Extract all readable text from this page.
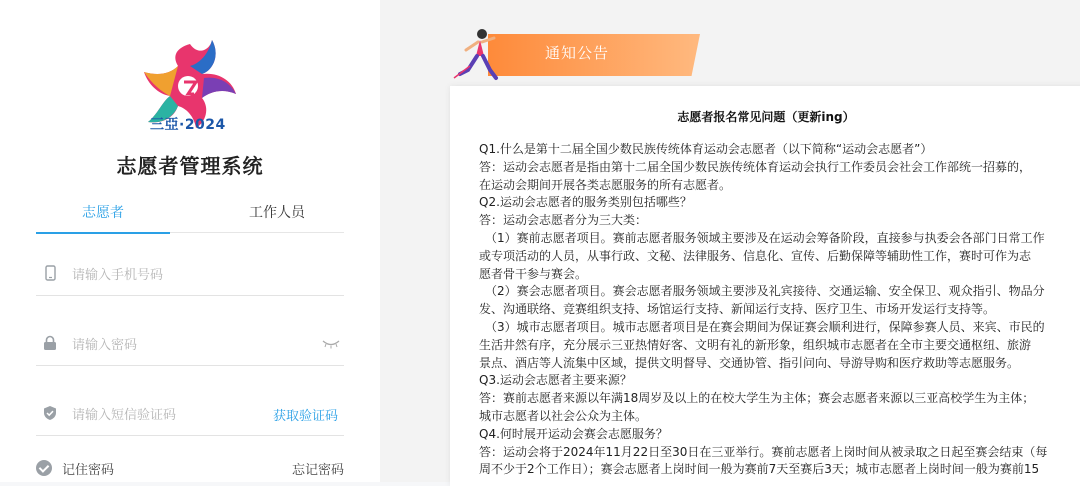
三亞·2024
志愿者管理系统
志愿者	工作人员
请输入手机号码
请输入短信验证码
获取验证码
记住密码	忘记密码
通知公告
志愿者报名常见问题（更新ing）

Q1.什么是第十二届全国少数民族传统体育运动会志愿者（以下简称“运动会志愿者”）

答：运动会志愿者是指由第十二届全国少数民族传统体育运动会执行工作委员会社会工作部统一招募的，

在运动会期间开展各类志愿服务的所有志愿者。

Q2.运动会志愿者的服务类别包括哪些？

答：运动会志愿者分为三大类：

（1）赛前志愿者项目。赛前志愿者服务领域主要涉及在运动会筹备阶段，直接参与执委会各部门日常工作

或专项活动的人员，从事行政、文秘、法律服务、信息化、宣传、后勤保障等辅助性工作，赛时可作为志

愿者骨干参与赛会。

（2）赛会志愿者项目。赛会志愿者服务领域主要涉及礼宾接待、交通运输、安全保卫、观众指引、物品分

发、沟通联络、竞赛组织支持、场馆运行支持、新闻运行支持、医疗卫生、市场开发运行支持等。

（3）城市志愿者项目。城市志愿者项目是在赛会期间为保证赛会顺利进行，保障参赛人员、来宾、市民的

生活井然有序，充分展示三亚热情好客、文明有礼的新形象，组织城市志愿者在全市主要交通枢纽、旅游

景点、酒店等人流集中区域，提供文明督导、交通协管、指引问向、导游导购和医疗救助等志愿服务。

Q3.运动会志愿者主要来源？

答：赛前志愿者来源以年满18周岁及以上的在校大学生为主体；赛会志愿者来源以三亚高校学生为主体；

城市志愿者以社会公众为主体。

Q4.何时展开运动会赛会志愿服务？

答：运动会将于2024年11月22日至30日在三亚举行。赛前志愿者上岗时间从被录取之日起至赛会结束（每

周不少于2个工作日）；赛会志愿者上岗时间一般为赛前7天至赛后3天；城市志愿者上岗时间一般为赛前15
